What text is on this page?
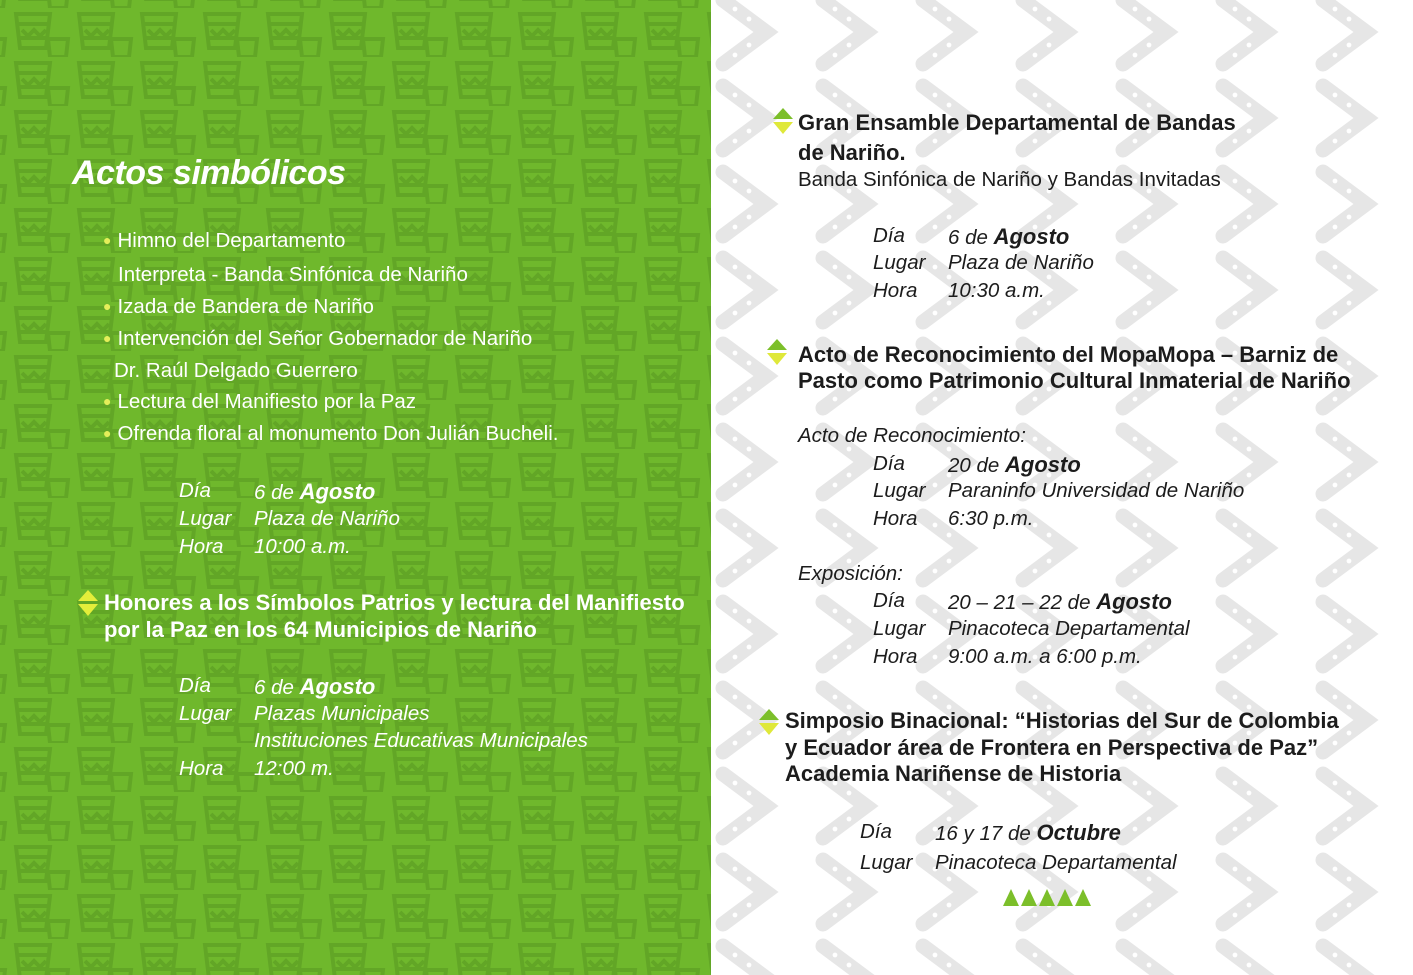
Actos simbólicos
● Himno del Departamento
Interpreta - Banda Sinfónica de Nariño
● Izada de Bandera de Nariño
● Intervención del Señor Gobernador de Nariño
Dr. Raúl Delgado Guerrero
● Lectura del Manifiesto por la Paz
● Ofrenda floral al monumento Don Julián Bucheli.
Día 6 de Agosto
Lugar Plaza de Nariño
Hora 10:00 a.m.
Honores a los Símbolos Patrios y lectura del Manifiesto
por la Paz en los 64 Municipios de Nariño
Día 6 de Agosto
Lugar Plazas Municipales
Instituciones Educativas Municipales
Hora 12:00 m.
Gran Ensamble Departamental de Bandas
de Nariño.
Banda Sinfónica de Nariño y Bandas Invitadas
Día 6 de Agosto
Lugar Plaza de Nariño
Hora 10:30 a.m.
Acto de Reconocimiento del MopaMopa – Barniz de
Pasto como Patrimonio Cultural Inmaterial de Nariño
Acto de Reconocimiento:
Día 20 de Agosto
Lugar Paraninfo Universidad de Nariño
Hora 6:30 p.m.
Exposición:
Día 20 – 21 – 22 de Agosto
Lugar Pinacoteca Departamental
Hora 9:00 a.m. a 6:00 p.m.
Simposio Binacional: “Historias del Sur de Colombia
y Ecuador área de Frontera en Perspectiva de Paz”
Academia Nariñense de Historia
Día 16 y 17 de Octubre
Lugar Pinacoteca Departamental
